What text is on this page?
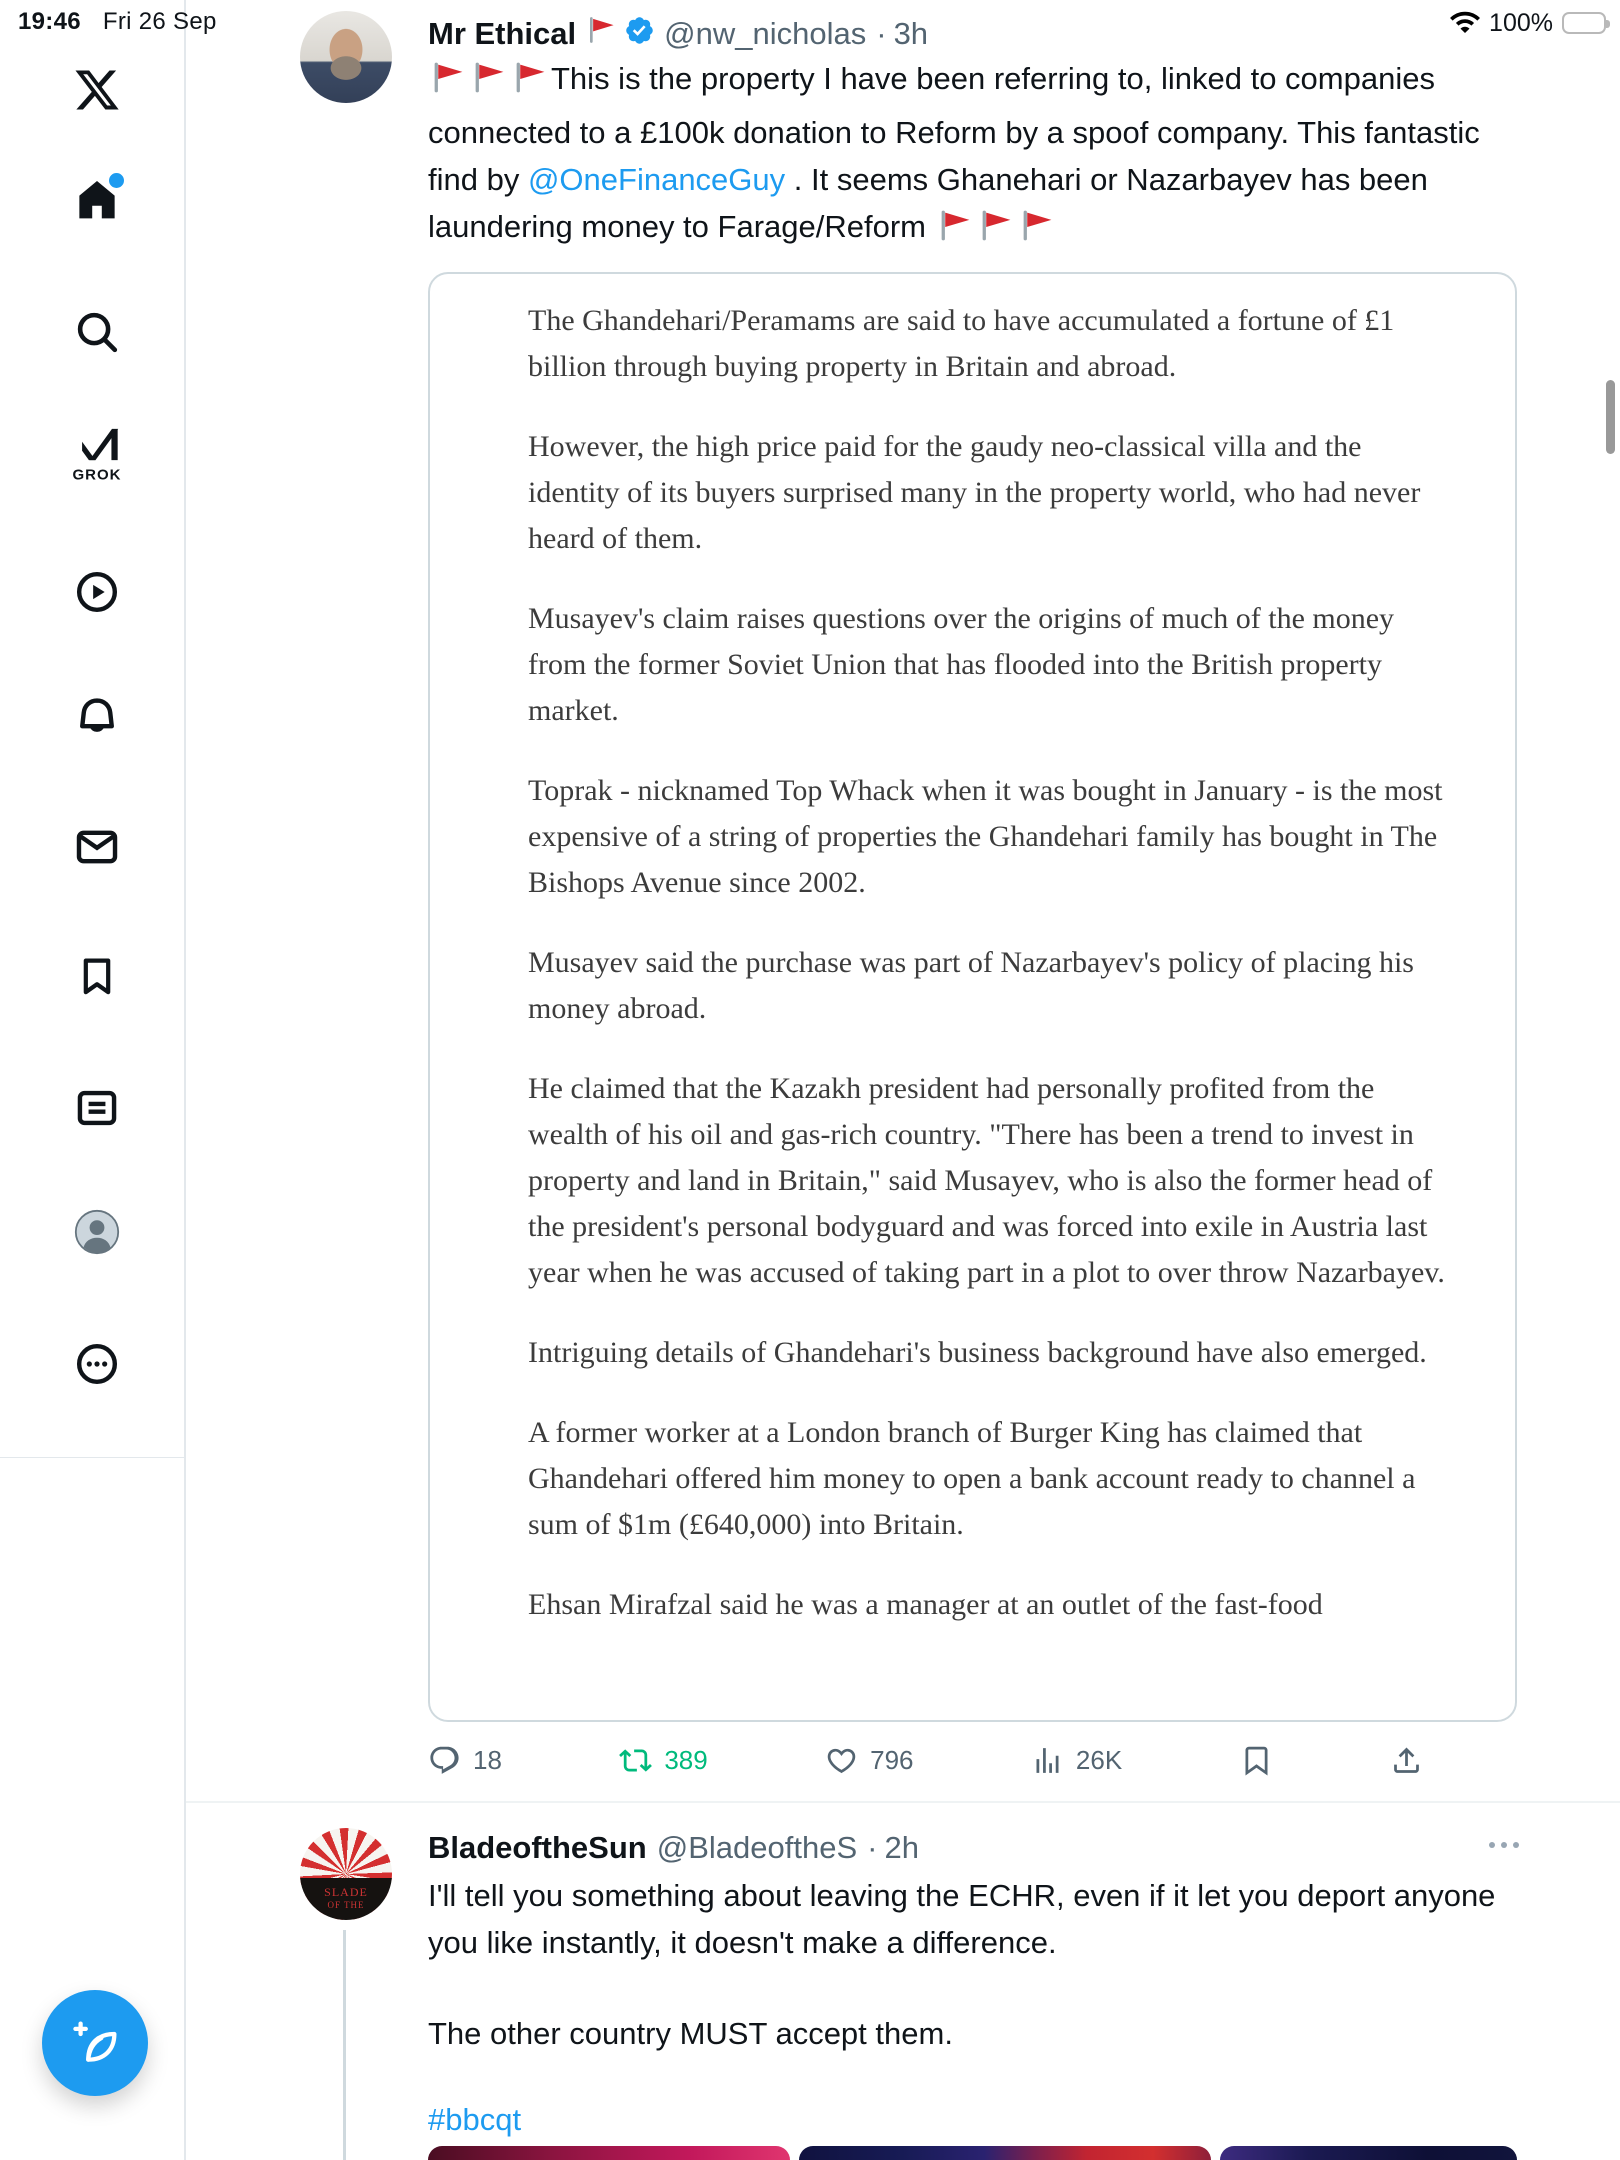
19:46 Fri 26 Sep	100%
GROK
Mr Ethical	@nw_nicholas · 3h
This is the property I have been referring to, linked to companies connected to a £100k donation to Reform by a spoof company. This fantastic find by @OneFinanceGuy . It seems Ghanehari or Nazarbayev has been laundering money to Farage/Reform

The Ghandehari/Peramams are said to have accumulated a fortune of £1 billion through buying property in Britain and abroad.

However, the high price paid for the gaudy neo-classical villa and the identity of its buyers surprised many in the property world, who had never heard of them.

Musayev's claim raises questions over the origins of much of the money from the former Soviet Union that has flooded into the British property market.

Toprak - nicknamed Top Whack when it was bought in January - is the most expensive of a string of properties the Ghandehari family has bought in The Bishops Avenue since 2002.

Musayev said the purchase was part of Nazarbayev's policy of placing his money abroad.

He claimed that the Kazakh president had personally profited from the wealth of his oil and gas-rich country. "There has been a trend to invest in property and land in Britain," said Musayev, who is also the former head of the president's personal bodyguard and was forced into exile in Austria last year when he was accused of taking part in a plot to over throw Nazarbayev.

Intriguing details of Ghandehari's business background have also emerged.

A former worker at a London branch of Burger King has claimed that Ghandehari offered him money to open a bank account ready to channel a sum of $1m (£640,000) into Britain.

Ehsan Mirafzal said he was a manager at an outlet of the fast-food

18	389	796	26K
SLADE
OF THE
BladeoftheSun @BladeoftheS · 2h

I'll tell you something about leaving the ECHR, even if it let you deport anyone you like instantly, it doesn't make a difference.

The other country MUST accept them.

#bbcqt
